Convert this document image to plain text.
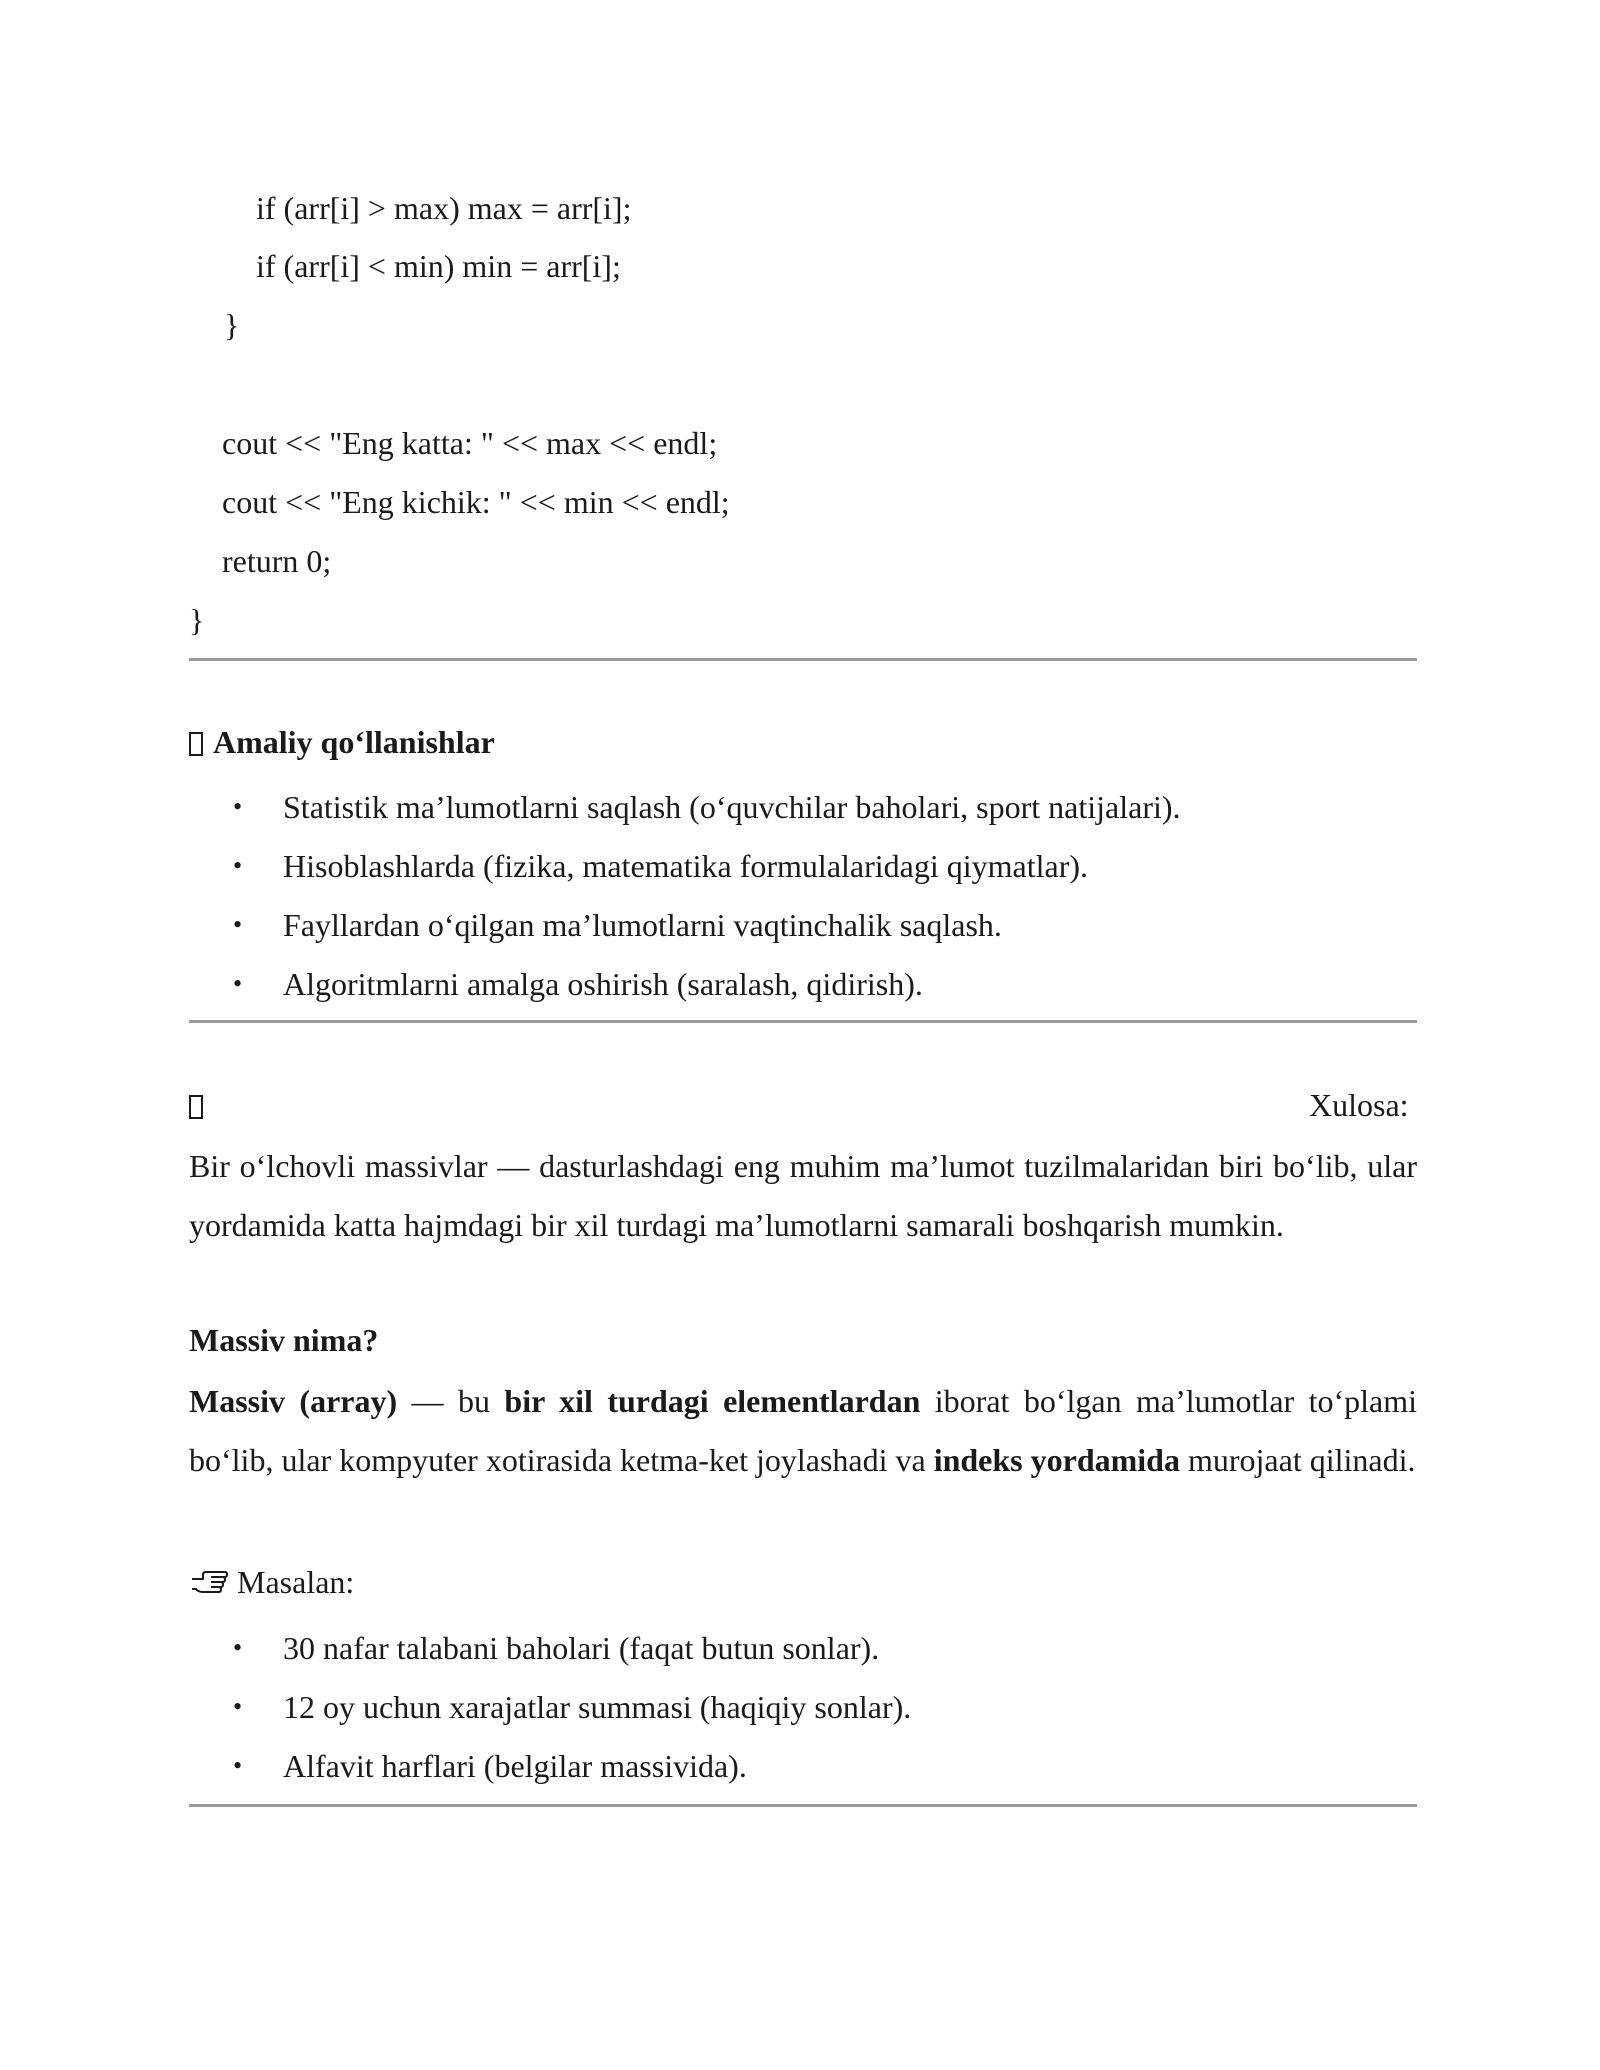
if (arr[i] > max) max = arr[i];
if (arr[i] < min) min = arr[i];
}
cout << "Eng katta: " << max << endl;
cout << "Eng kichik: " << min << endl;
return 0;
}
Amaliy qo‘llanishlar
• Statistik ma’lumotlarni saqlash (o‘quvchilar baholari, sport natijalari).
• Hisoblashlarda (fizika, matematika formulalaridagi qiymatlar).
• Fayllardan o‘qilgan ma’lumotlarni vaqtinchalik saqlash.
• Algoritmlarni amalga oshirish (saralash, qidirish).
Xulosa:
Bir o‘lchovli massivlar — dasturlashdagi eng muhim ma’lumot tuzilmalaridan biri bo‘lib, ular yordamida katta hajmdagi bir xil turdagi ma’lumotlarni samarali boshqarish mumkin.
Massiv nima?
Massiv (array) — bu bir xil turdagi elementlardan iborat bo‘lgan ma’lumotlar to‘plami bo‘lib, ular kompyuter xotirasida ketma-ket joylashadi va indeks yordamida murojaat qilinadi.
Masalan:
• 30 nafar talabani baholari (faqat butun sonlar).
• 12 oy uchun xarajatlar summasi (haqiqiy sonlar).
• Alfavit harflari (belgilar massivida).
